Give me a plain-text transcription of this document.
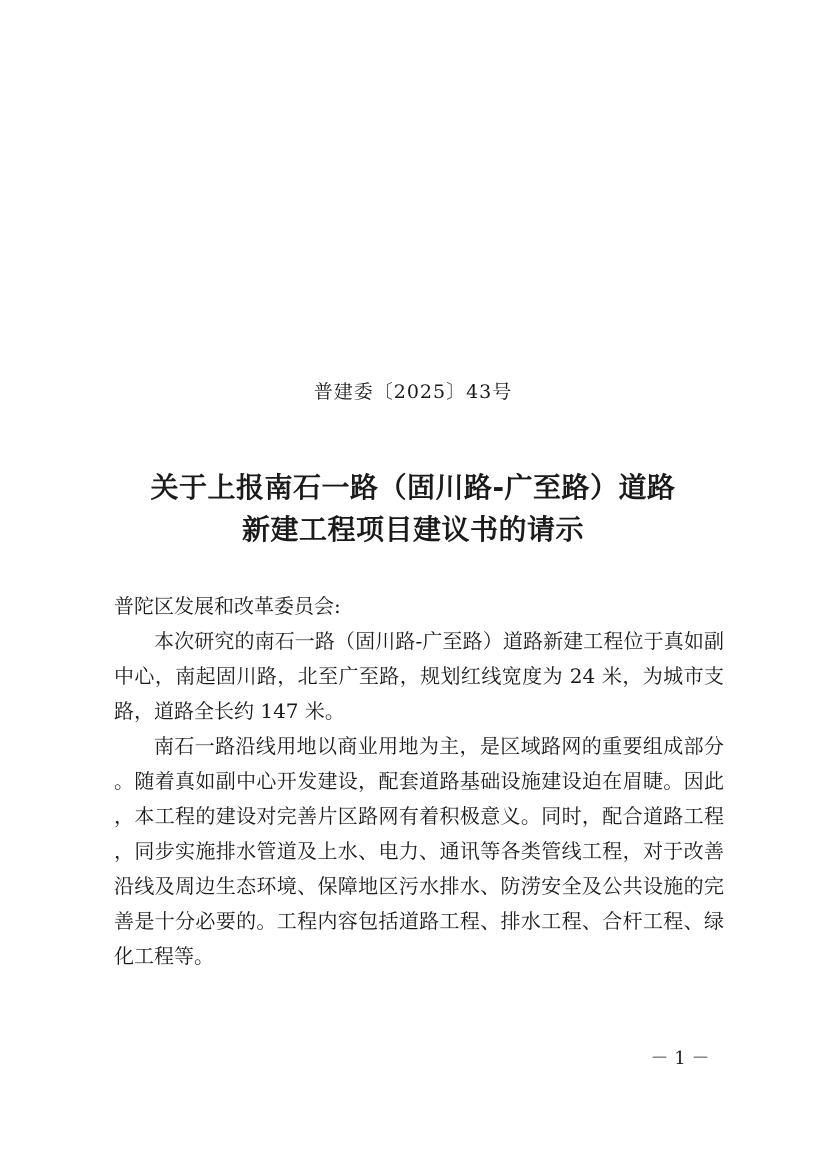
普建委〔2025〕43号
关于上报南石一路（固川路-广至路）道路
新建工程项目建议书的请示

普陀区发展和改革委员会:

本次研究的南石一路（固川路-广至路）道路新建工程位于真如副中心，南起固川路，北至广至路，规划红线宽度为 24 米，为城市支路，道路全长约 147 米。

南石一路沿线用地以商业用地为主，是区域路网的重要组成部分。随着真如副中心开发建设，配套道路基础设施建设迫在眉睫。因此，本工程的建设对完善片区路网有着积极意义。同时，配合道路工程，同步实施排水管道及上水、电力、通讯等各类管线工程，对于改善沿线及周边生态环境、保障地区污水排水、防涝安全及公共设施的完善是十分必要的。工程内容包括道路工程、排水工程、合杆工程、绿化工程等。

－ 1 －
